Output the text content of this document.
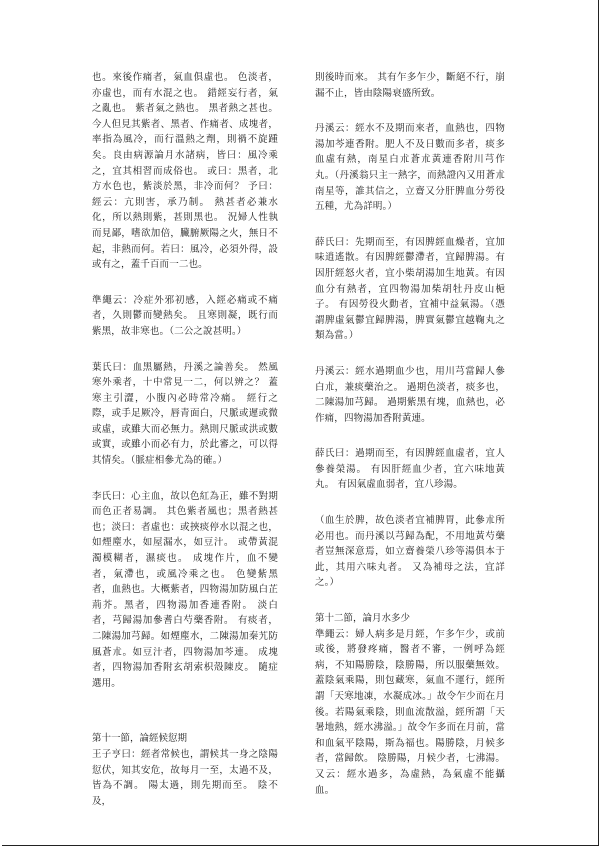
也。來後作痛者，氣血俱虛也。 色淡者，亦虛也，而有水混之也。 錯經妄行者，氣之亂也。 紫者氣之熱也。 黑者熱之甚也。 今人但見其紫者、黑者、作痛者、成塊者，率指為風冷，而行溫熱之劑，則禍不旋踵矣。良由病源論月水諸病，皆曰：風冷乘之，宜其相習而成俗也。 或曰：黑者，北方水色也，紫淡於黑，非冷而何？ 予曰：經云：亢則害，承乃制。 熱甚者必兼水化，所以熱則紫，甚則黑也。 況婦人性執而見鄙，嗜欲加倍，臟腑厥陽之火，無日不起，非熱而何。若曰：風冷，必須外得，設或有之，蓋千百而一二也。

準繩云：冷症外邪初感，入經必痛或不痛者，久則鬱而變熱矣。 且寒則凝，既行而紫黑，故非寒也。（二公之說甚明。）

葉氏曰：血黑屬熱，丹溪之論善矣。 然風寒外乘者，十中常見一二，何以辨之？ 蓋寒主引澀，小腹內必時常冷痛。 經行之際，或手足厥冷，唇青面白，尺脈或遲或微或虛，或雖大而必無力。熱則尺脈或洪或數或實，或雖小而必有力，於此審之，可以得其情矣。（脈症相參尤為的確。）

李氏曰：心主血，故以色紅為正，雖不對期而色正者易調。 其色紫者風也；黑者熱甚也；淡曰：者虛也：或挾痰停水以混之也，如煙塵水，如屋漏水，如豆汁。 或帶黃混濁模糊者，濕痰也。 成塊作片，血不變者，氣滯也，或風冷乘之也。 色變紫黑者，血熱也。大概紫者，四物湯加防風白芷荊芥。黑者，四物湯加香連香附。 淡白者，芎歸湯加參耆白芍藥香附。 有痰者，二陳湯加芎歸。如煙塵水，二陳湯加秦艽防風蒼朮。如豆汁者，四物湯加芩連。 成塊者，四物湯加香附玄胡索枳殼陳皮。 隨症選用。

第十一節，論經候愆期

王子亨曰：經者常候也，謂候其一身之陰陽愆伏，知其安危，故每月一至，太過不及，皆為不調。 陽太過，則先期而至。 陰不及，

則後時而來。 其有乍多乍少，斷絕不行，崩漏不止，皆由陰陽衰盛所致。

丹溪云：經水不及期而來者，血熱也，四物湯加芩連香附。肥人不及日數而多者，痰多血虛有熱，南星白朮蒼朮黃連香附川芎作丸。（丹溪翁只主一熱字，而熱證內又用蒼朮南星等，誰其信之，立齋又分肝脾血分勞役五種，尤為詳明。）

薛氏曰：先期而至，有因脾經血燥者，宜加味逍遙散。有因脾經鬱滯者，宜歸脾湯。有因肝經怒火者，宜小柴胡湯加生地黃。有因血分有熱者，宜四物湯加柴胡牡丹皮山梔子。 有因勞役火動者，宜補中益氣湯。（憑謂脾虛氣鬱宜歸脾湯，脾實氣鬱宜越鞠丸之類為當。）

丹溪云：經水過期血少也，用川芎當歸人參白朮，兼痰藥治之。 過期色淡者，痰多也，二陳湯加芎歸。 過期紫黑有塊，血熱也，必作痛，四物湯加香附黃連。

薛氏曰：過期而至，有因脾經血虛者，宜人參養榮湯。 有因肝經血少者，宜六味地黃丸。 有因氣虛血弱者，宜八珍湯。

（血生於脾，故色淡者宜補脾胃，此參朮所必用也。而丹溪以芎歸為配，不用地黃芍藥者豈無深意焉，如立齋養榮八珍等湯俱本于此，其用六味丸者。 又為補母之法，宜詳之。）

第十二節，論月水多少

準繩云：婦人病多是月經，乍多乍少，或前或後，將發疼痛，醫者不審，一例呼為經病，不知陽勝陰，陰勝陽，所以服藥無效。 蓋陰氣乘陽，則包藏寒，氣血不運行，經所謂「天寒地凍，水凝成冰。」故令乍少而在月後。若陽氣乘陰，則血流散溢，經所謂「天暑地熱，經水沸溢。」故令乍多而在月前，當和血氣平陰陽，斯為福也。陽勝陰，月候多者，當歸飲。 陰勝陽，月候少者，七沸湯。 又云：經水過多，為虛熱，為氣虛不能攝血。
